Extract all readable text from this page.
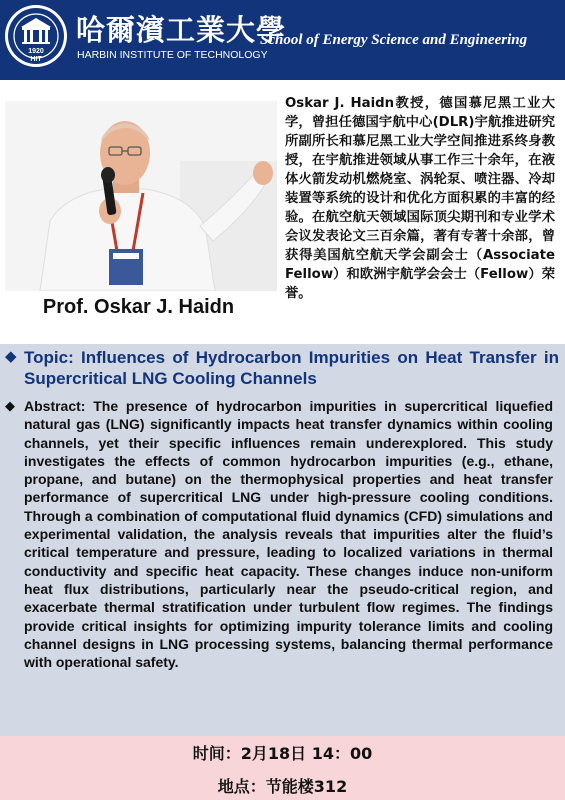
1920
HIT
哈爾濱工業大學
HARBIN INSTITUTE OF TECHNOLOGY
School of Energy Science and Engineering
Prof. Oskar J. Haidn
Oskar J. Haidn教授，德国慕尼黑工业大学，曾担任德国宇航中心(DLR)宇航推进研究所副所长和慕尼黑工业大学空间推进系终身教授，在宇航推进领域从事工作三十余年，在液体火箭发动机燃烧室、涡轮泵、喷注器、冷却装置等系统的设计和优化方面积累的丰富的经验。在航空航天领域国际顶尖期刊和专业学术会议发表论文三百余篇，著有专著十余部，曾获得美国航空航天学会副会士（Associate Fellow）和欧洲宇航学会会士（Fellow）荣誉。
◆ Topic: Influences of Hydrocarbon Impurities on Heat Transfer in Supercritical LNG Cooling Channels
◆ Abstract: The presence of hydrocarbon impurities in supercritical liquefied natural gas (LNG) significantly impacts heat transfer dynamics within cooling channels, yet their specific influences remain underexplored. This study investigates the effects of common hydrocarbon impurities (e.g., ethane, propane, and butane) on the thermophysical properties and heat transfer performance of supercritical LNG under high-pressure cooling conditions. Through a combination of computational fluid dynamics (CFD) simulations and experimental validation, the analysis reveals that impurities alter the fluid’s critical temperature and pressure, leading to localized variations in thermal conductivity and specific heat capacity. These changes induce non-uniform heat flux distributions, particularly near the pseudo-critical region, and exacerbate thermal stratification under turbulent flow regimes. The findings provide critical insights for optimizing impurity tolerance limits and cooling channel designs in LNG processing systems, balancing thermal performance with operational safety.

时间：2月18日 14：00
地点：节能楼312
